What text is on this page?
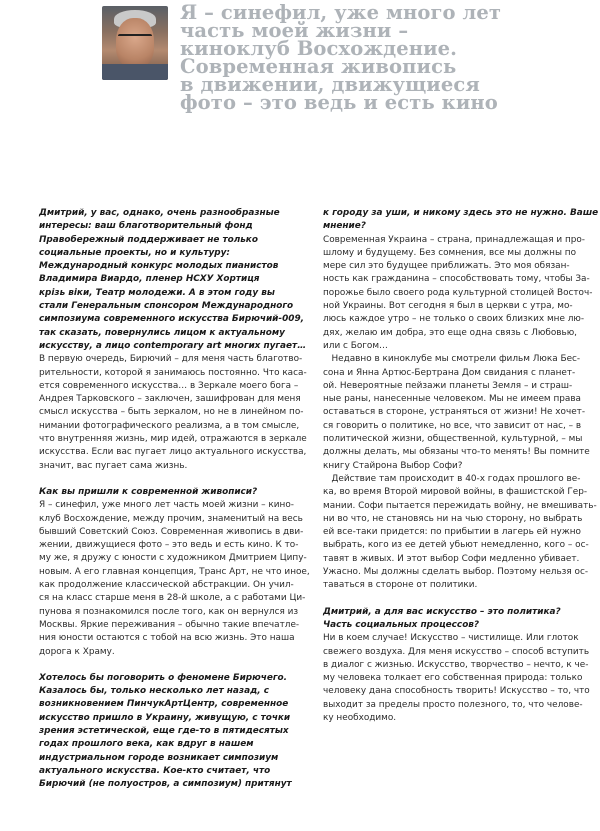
Я – синефил, уже много лет
часть моей жизни –
киноклуб Восхождение.
Современная живопись
в движении, движущиеся
фото – это ведь и есть кино
Дмитрий, у вас, однако, очень разнообразные
интересы: ваш благотворительный фонд
Правобережный поддерживает не только
социальные проекты, но и культуру:
Международный конкурс молодых пианистов
Владимира Виардо, пленер НСХУ Хортиця
крізь віки, Театр молодежи. А в этом году вы
стали Генеральным спонсором Международного
симпозиума современного искусства Бирючий-009,
так сказать, повернулись лицом к актуальному
искусству, а лицо contemporary art многих пугает…
В первую очередь, Бирючий – для меня часть благотво-
рительности, которой я занимаюсь постоянно. Что каса-
ется современного искусства… в Зеркале моего бога –
Андрея Тарковского – заключен, зашифрован для меня
смысл искусства – быть зеркалом, но не в линейном по-
нимании фотографического реализма, а в том смысле,
что внутренняя жизнь, мир идей, отражаются в зеркале
искусства. Если вас пугает лицо актуального искусства,
значит, вас пугает сама жизнь.
Как вы пришли к современной живописи?
Я – синефил, уже много лет часть моей жизни – кино-
клуб Восхождение, между прочим, знаменитый на весь
бывший Советский Союз. Современная живопись в дви-
жении, движущиеся фото – это ведь и есть кино. К то-
му же, я дружу с юности с художником Дмитрием Ципу-
новым. А его главная концепция, Транс Арт, не что иное,
как продолжение классической абстракции. Он учил-
ся на класс старше меня в 28-й школе, а с работами Ци-
пунова я познакомился после того, как он вернулся из
Москвы. Яркие переживания – обычно такие впечатле-
ния юности остаются с тобой на всю жизнь. Это наша
дорога к Храму.
Хотелось бы поговорить о феномене Бирючего.
Казалось бы, только несколько лет назад, с
возникновением ПинчукАртЦентр, современное
искусство пришло в Украину, живущую, с точки
зрения эстетической, еще где-то в пятидесятых
годах прошлого века, как вдруг в нашем
индустриальном городе возникает симпозиум
актуального искусства. Кое-кто считает, что
Бирючий (не полуостров, а симпозиум) притянут
к городу за уши, и никому здесь это не нужно. Ваше
мнение?
Современная Украина – страна, принадлежащая и про-
шлому и будущему. Без сомнения, все мы должны по
мере сил это будущее приближать. Это моя обязан-
ность как гражданина – способствовать тому, чтобы За-
порожье было своего рода культурной столицей Восточ-
ной Украины. Вот сегодня я был в церкви с утра, мо-
люсь каждое утро – не только о своих близких мне лю-
дях, желаю им добра, это еще одна связь с Любовью,
или с Богом…
Недавно в киноклубе мы смотрели фильм Люка Бес-
сона и Янна Артюс-Бертрана Дом свидания с планет-
ой. Невероятные пейзажи планеты Земля – и страш-
ные раны, нанесенные человеком. Мы не имеем права
оставаться в стороне, устраняться от жизни! Не хочет-
ся говорить о политике, но все, что зависит от нас, – в
политической жизни, общественной, культурной, – мы
должны делать, мы обязаны что-то менять! Вы помните
книгу Стайрона Выбор Софи?
Действие там происходит в 40-х годах прошлого ве-
ка, во время Второй мировой войны, в фашистской Гер-
мании. Софи пытается пережидать войну, не вмешивать-
ни во что, не становясь ни на чью сторону, но выбрать
ей все-таки придется: по прибытии в лагерь ей нужно
выбрать, кого из ее детей убьют немедленно, кого – ос-
тавят в живых. И этот выбор Софи медленно убивает.
Ужасно. Мы должны сделать выбор. Поэтому нельзя ос-
таваться в стороне от политики.
Дмитрий, а для вас искусство – это политика?
Часть социальных процессов?
Ни в коем случае! Искусство – чистилище. Или глоток
свежего воздуха. Для меня искусство – способ вступить
в диалог с жизнью. Искусство, творчество – нечто, к че-
му человека толкает его собственная природа: только
человеку дана способность творить! Искусство – то, что
выходит за пределы просто полезного, то, что челове-
ку необходимо.
